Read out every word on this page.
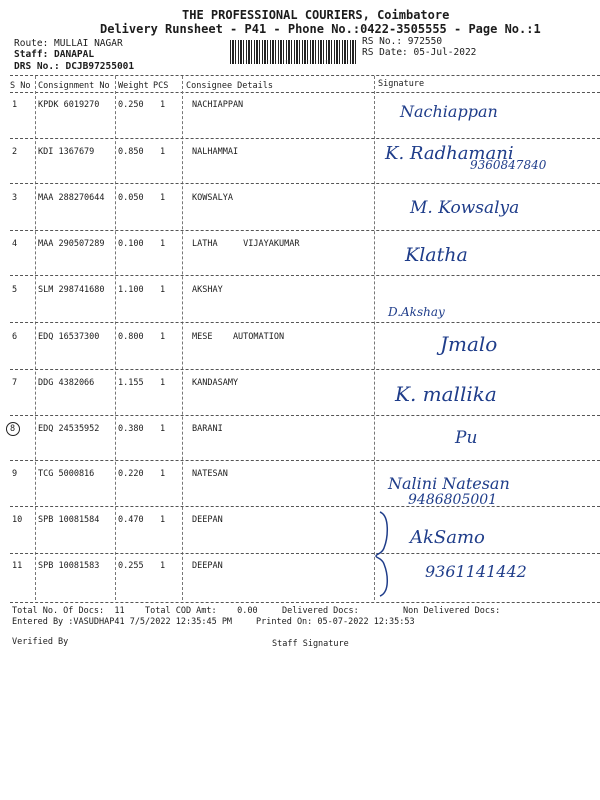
THE PROFESSIONAL COURIERS, Coimbatore
Delivery Runsheet - P41 - Phone No.:0422-3505555 - Page No.:1
Route: MULLAI NAGAR
Staff: DANAPAL
DRS No.: DCJB97255001
RS No.: 972550
RS Date: 05-Jul-2022
S No Consignment No Weight PCS Consignee Details	Signature
1 KPDK 6019270 0.250 1	NACHIAPPAN	Nachiappan
2 KDI 1367679	0.850 1	NALHAMMAI	K. Radhamani
9360847840
3 MAA 288270644 0.050 1	KOWSALYA	M. Kowsalya
4 MAA 290507289 0.100 1	LATHA     VIJAYAKUMAR	Klatha
5 SLM 298741680 1.100 1	AKSHAY
D.Akshay
6 EDQ 16537300 0.800 1	MESE    AUTOMATION	Jmalo
7 DDG 4382066	1.155 1	KANDASAMY	K. mallika
8	EDQ 24535952 0.380 1	BARANI	Pu
9 TCG 5000816	0.220 1	NATESAN	Nalini Natesan
9486805001
10 SPB 10081584 0.470 1	DEEPAN
AkSamo
11 SPB 10081583 0.255 1	DEEPAN	9361141442
Total No. Of Docs:  11 Total COD Amt:    0.00	Delivered Docs:	Non Delivered Docs:
Entered By :VASUDHAP41 7/5/2022 12:35:45 PM	Printed On: 05-07-2022 12:35:53
Verified By	Staff Signature
